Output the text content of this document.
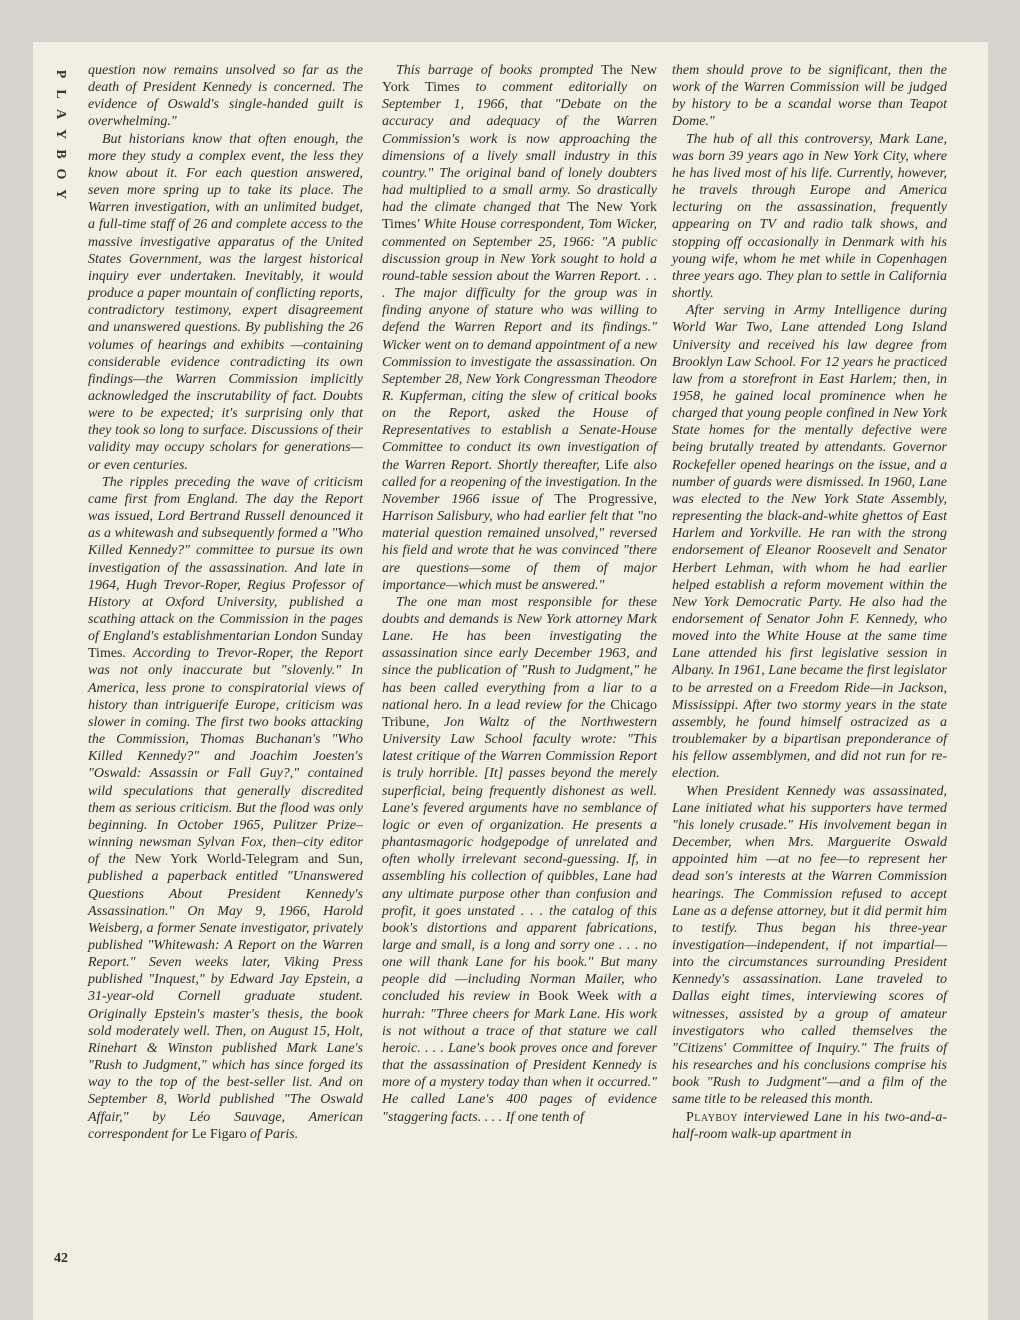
P
L
A
Y
B
O
Y

question now remains unsolved so far as the death of President Kennedy is concerned. The evidence of Oswald's single-handed guilt is overwhelming."

But historians know that often enough, the more they study a complex event, the less they know about it. For each question answered, seven more spring up to take its place. The Warren investigation, with an unlimited budget, a full-time staff of 26 and complete access to the massive investigative apparatus of the United States Government, was the largest historical inquiry ever undertaken. Inevitably, it would produce a paper mountain of conflicting reports, contradictory testimony, expert disagreement and unanswered questions. By publishing the 26 volumes of hearings and exhibits —containing considerable evidence contradicting its own findings—the Warren Commission implicitly acknowledged the inscrutability of fact. Doubts were to be expected; it's surprising only that they took so long to surface. Discussions of their validity may occupy scholars for generations—or even centuries.

The ripples preceding the wave of criticism came first from England. The day the Report was issued, Lord Bertrand Russell denounced it as a whitewash and subsequently formed a "Who Killed Kennedy?" committee to pursue its own investigation of the assassination. And late in 1964, Hugh Trevor-Roper, Regius Professor of History at Oxford University, published a scathing attack on the Commission in the pages of England's establishmentarian London Sunday Times. According to Trevor-Roper, the Report was not only inaccurate but "slovenly." In America, less prone to conspiratorial views of history than intriguerife Europe, criticism was slower in coming. The first two books attacking the Commission, Thomas Buchanan's "Who Killed Kennedy?" and Joachim Joesten's "Oswald: Assassin or Fall Guy?," contained wild speculations that generally discredited them as serious criticism. But the flood was only beginning. In October 1965, Pulitzer Prize–winning newsman Sylvan Fox, then–city editor of the New York World-Telegram and Sun, published a paperback entitled "Unanswered Questions About President Kennedy's Assassination." On May 9, 1966, Harold Weisberg, a former Senate investigator, privately published "Whitewash: A Report on the Warren Report." Seven weeks later, Viking Press published "Inquest," by Edward Jay Epstein, a 31-year-old Cornell graduate student. Originally Epstein's master's thesis, the book sold moderately well. Then, on August 15, Holt, Rinehart & Winston published Mark Lane's "Rush to Judgment," which has since forged its way to the top of the best-seller list. And on September 8, World published "The Oswald Affair," by Léo Sauvage, American correspondent for Le Figaro of Paris.

This barrage of books prompted The New York Times to comment editorially on September 1, 1966, that "Debate on the accuracy and adequacy of the Warren Commission's work is now approaching the dimensions of a lively small industry in this country." The original band of lonely doubters had multiplied to a small army. So drastically had the climate changed that The New York Times' White House correspondent, Tom Wicker, commented on September 25, 1966: "A public discussion group in New York sought to hold a round-table session about the Warren Report. . . . The major difficulty for the group was in finding anyone of stature who was willing to defend the Warren Report and its findings." Wicker went on to demand appointment of a new Commission to investigate the assassination. On September 28, New York Congressman Theodore R. Kupferman, citing the slew of critical books on the Report, asked the House of Representatives to establish a Senate-House Committee to conduct its own investigation of the Warren Report. Shortly thereafter, Life also called for a reopening of the investigation. In the November 1966 issue of The Progressive, Harrison Salisbury, who had earlier felt that "no material question remained unsolved," reversed his field and wrote that he was convinced "there are questions—some of them of major importance—which must be answered."

The one man most responsible for these doubts and demands is New York attorney Mark Lane. He has been investigating the assassination since early December 1963, and since the publication of "Rush to Judgment," he has been called everything from a liar to a national hero. In a lead review for the Chicago Tribune, Jon Waltz of the Northwestern University Law School faculty wrote: "This latest critique of the Warren Commission Report is truly horrible. [It] passes beyond the merely superficial, being frequently dishonest as well. Lane's fevered arguments have no semblance of logic or even of organization. He presents a phantasmagoric hodgepodge of unrelated and often wholly irrelevant second-guessing. If, in assembling his collection of quibbles, Lane had any ultimate purpose other than confusion and profit, it goes unstated . . . the catalog of this book's distortions and apparent fabrications, large and small, is a long and sorry one . . . no one will thank Lane for his book." But many people did —including Norman Mailer, who concluded his review in Book Week with a hurrah: "Three cheers for Mark Lane. His work is not without a trace of that stature we call heroic. . . . Lane's book proves once and forever that the assassination of President Kennedy is more of a mystery today than when it occurred." He called Lane's 400 pages of evidence "staggering facts. . . . If one tenth of

them should prove to be significant, then the work of the Warren Commission will be judged by history to be a scandal worse than Teapot Dome."

The hub of all this controversy, Mark Lane, was born 39 years ago in New York City, where he has lived most of his life. Currently, however, he travels through Europe and America lecturing on the assassination, frequently appearing on TV and radio talk shows, and stopping off occasionally in Denmark with his young wife, whom he met while in Copenhagen three years ago. They plan to settle in California shortly.

After serving in Army Intelligence during World War Two, Lane attended Long Island University and received his law degree from Brooklyn Law School. For 12 years he practiced law from a storefront in East Harlem; then, in 1958, he gained local prominence when he charged that young people confined in New York State homes for the mentally defective were being brutally treated by attendants. Governor Rockefeller opened hearings on the issue, and a number of guards were dismissed. In 1960, Lane was elected to the New York State Assembly, representing the black-and-white ghettos of East Harlem and Yorkville. He ran with the strong endorsement of Eleanor Roosevelt and Senator Herbert Lehman, with whom he had earlier helped establish a reform movement within the New York Democratic Party. He also had the endorsement of Senator John F. Kennedy, who moved into the White House at the same time Lane attended his first legislative session in Albany. In 1961, Lane became the first legislator to be arrested on a Freedom Ride—in Jackson, Mississippi. After two stormy years in the state assembly, he found himself ostracized as a troublemaker by a bipartisan preponderance of his fellow assemblymen, and did not run for re-election.

When President Kennedy was assassinated, Lane initiated what his supporters have termed "his lonely crusade." His involvement began in December, when Mrs. Marguerite Oswald appointed him —at no fee—to represent her dead son's interests at the Warren Commission hearings. The Commission refused to accept Lane as a defense attorney, but it did permit him to testify. Thus began his three-year investigation—independent, if not impartial—into the circumstances surrounding President Kennedy's assassination. Lane traveled to Dallas eight times, interviewing scores of witnesses, assisted by a group of amateur investigators who called themselves the "Citizens' Committee of Inquiry." The fruits of his researches and his conclusions comprise his book "Rush to Judgment"—and a film of the same title to be released this month.

Playboy interviewed Lane in his two-and-a-half-room walk-up apartment in

42
